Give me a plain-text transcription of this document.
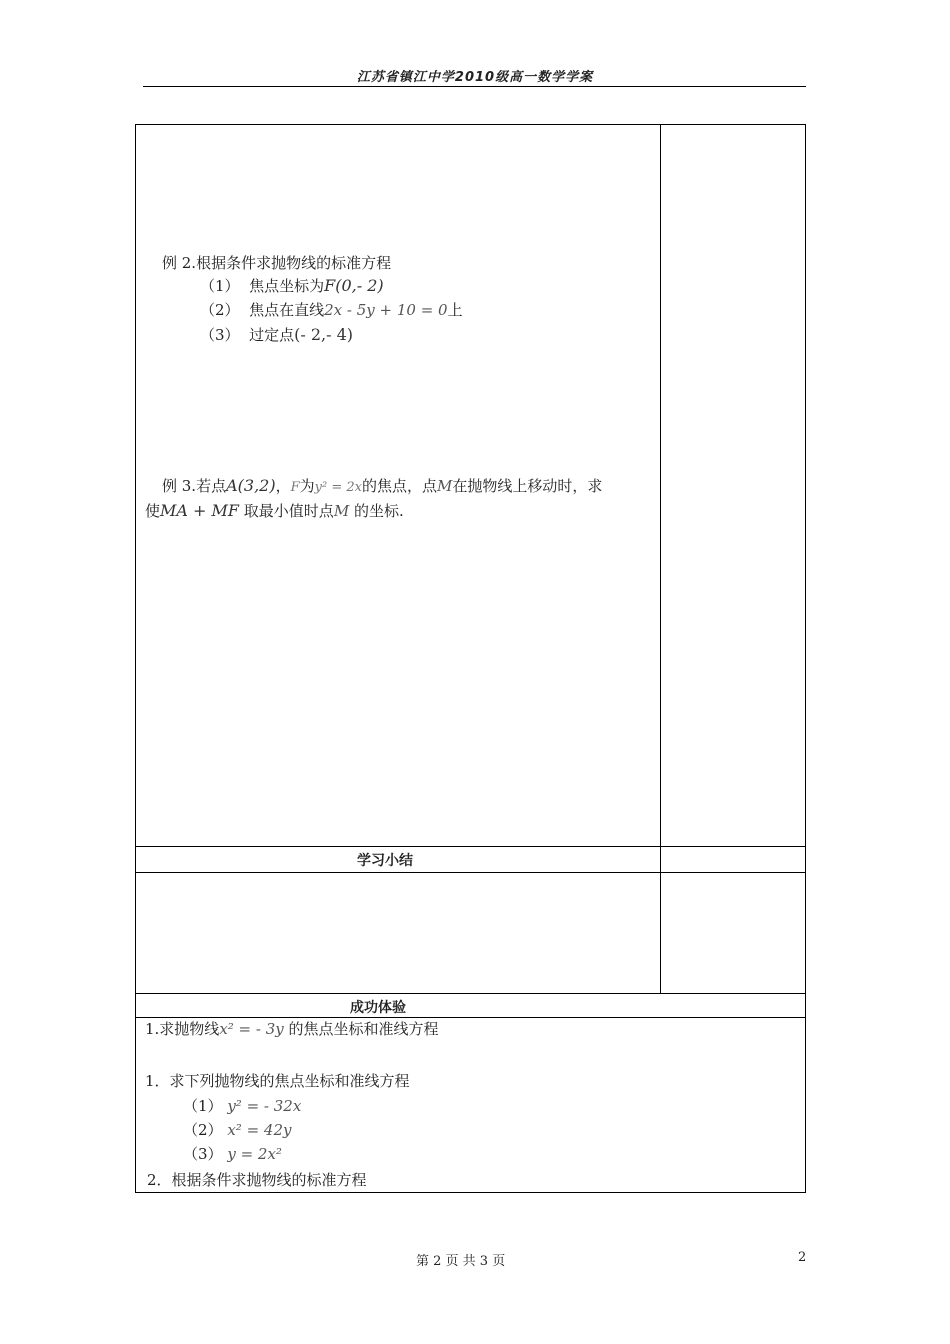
江苏省镇江中学2010级高一数学学案
例 2.根据条件求抛物线的标准方程
（1） 焦点坐标为F(0,- 2)
（2） 焦点在直线2x - 5y + 10 = 0上
（3） 过定点(- 2,- 4)
例 3.若点A(3,2)，F为y² = 2x的焦点，点M在抛物线上移动时，求
使MA + MF 取最小值时点M 的坐标.
学习小结
成功体验
1.求抛物线x² = - 3y 的焦点坐标和准线方程
1．求下列抛物线的焦点坐标和准线方程
（1） y² = - 32x
（2） x² = 42y
（3） y = 2x²
2．根据条件求抛物线的标准方程
第 2 页 共 3 页	2
